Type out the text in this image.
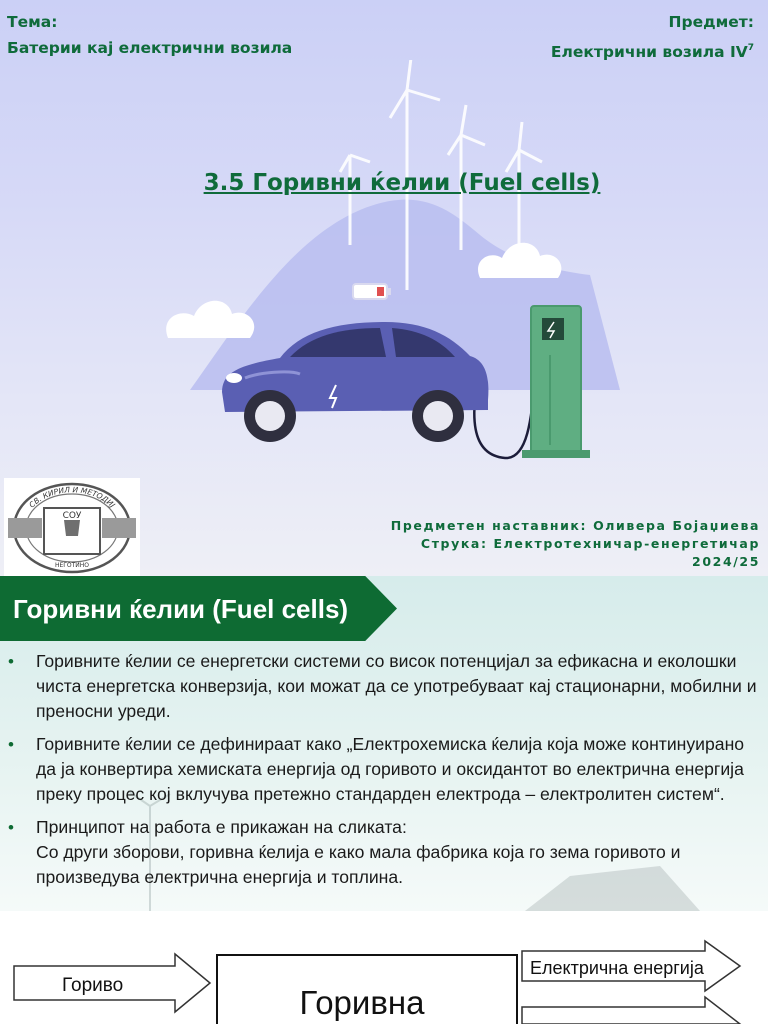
Тема:
Батерии кај електрични возила
Предмет:
Електрични возила $IV^7$
3.5 Горивни ќелии (Fuel cells)
СВ. КИРИЛ И МЕТОДИЈ
СОУ
НЕГОТИНО
Предметен наставник: Оливера Бојаџиева
Струка: Електротехничар-енергетичар
2024/25
Горивни ќелии (Fuel cells)
• Горивните ќелии се енергетски системи со висок потенцијал за ефикасна и еколошки чиста енергетска конверзија, кои можат да се употребуваат кај стационарни, мобилни и преносни уреди.
• Горивните ќелии се дефинираат како „Електрохемиска ќелија која може континуирано да ја конвертира хемиската енергија од горивото и оксидантот во електрична енергија преку процес кој вклучува претежно стандарден електрода – електролитен систем“.
• Принципот на работа е прикажан на сликата:
Со други зборови, горивна ќелија е како мала фабрика која го зема горивото и произведува електрична енергија и топлина.
Гориво	Горивна
Електрична енергија
